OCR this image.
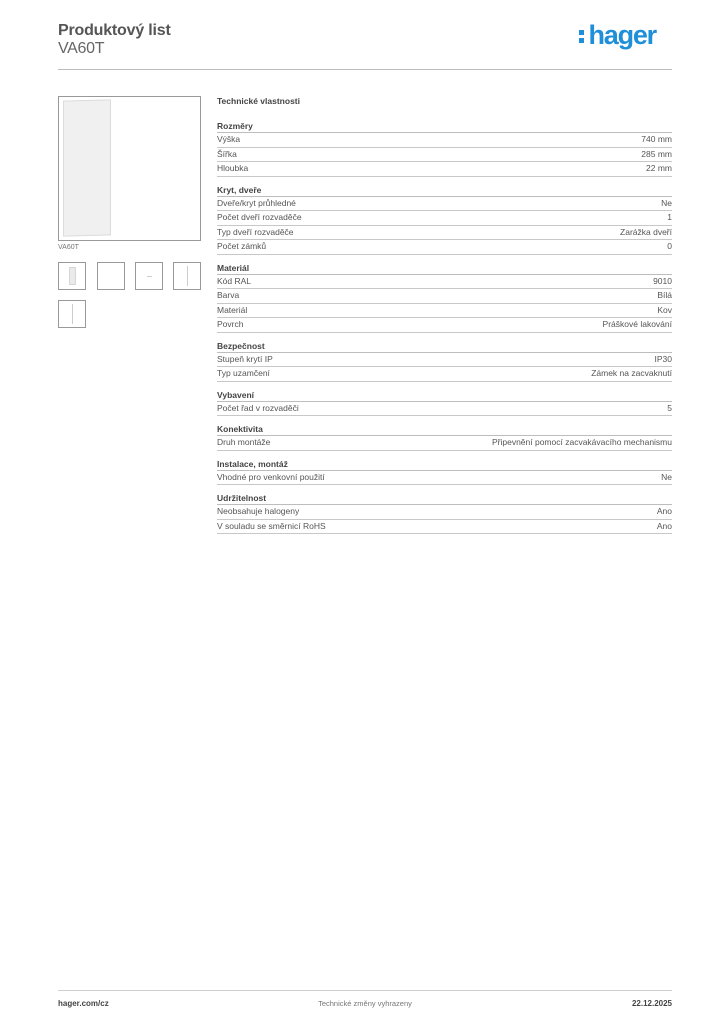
Produktový list
VA60T	hager
VA60T
Technické vlastnosti
Rozměry
Výška	740 mm
Šířka	285 mm
Hloubka	22 mm
Kryt, dveře
Dveře/kryt průhledné	Ne
Počet dveří rozvaděče	1
Typ dveří rozvaděče	Zarážka dveří
Počet zámků	0
Materiál
Kód RAL	9010
Barva	Bílá
Materiál	Kov
Povrch	Práškové lakování
Bezpečnost
Stupeň krytí IP	IP30
Typ uzamčení	Zámek na zacvaknutí
Vybavení
Počet řad v rozvaděči	5
Konektivita
Druh montáže	Připevnění pomocí zacvakávacího mechanismu
Instalace, montáž
Vhodné pro venkovní použití	Ne
Udržitelnost
Neobsahuje halogeny	Ano
V souladu se směrnicí RoHS	Ano
hager.com/cz	Technické změny vyhrazeny	22.12.2025
